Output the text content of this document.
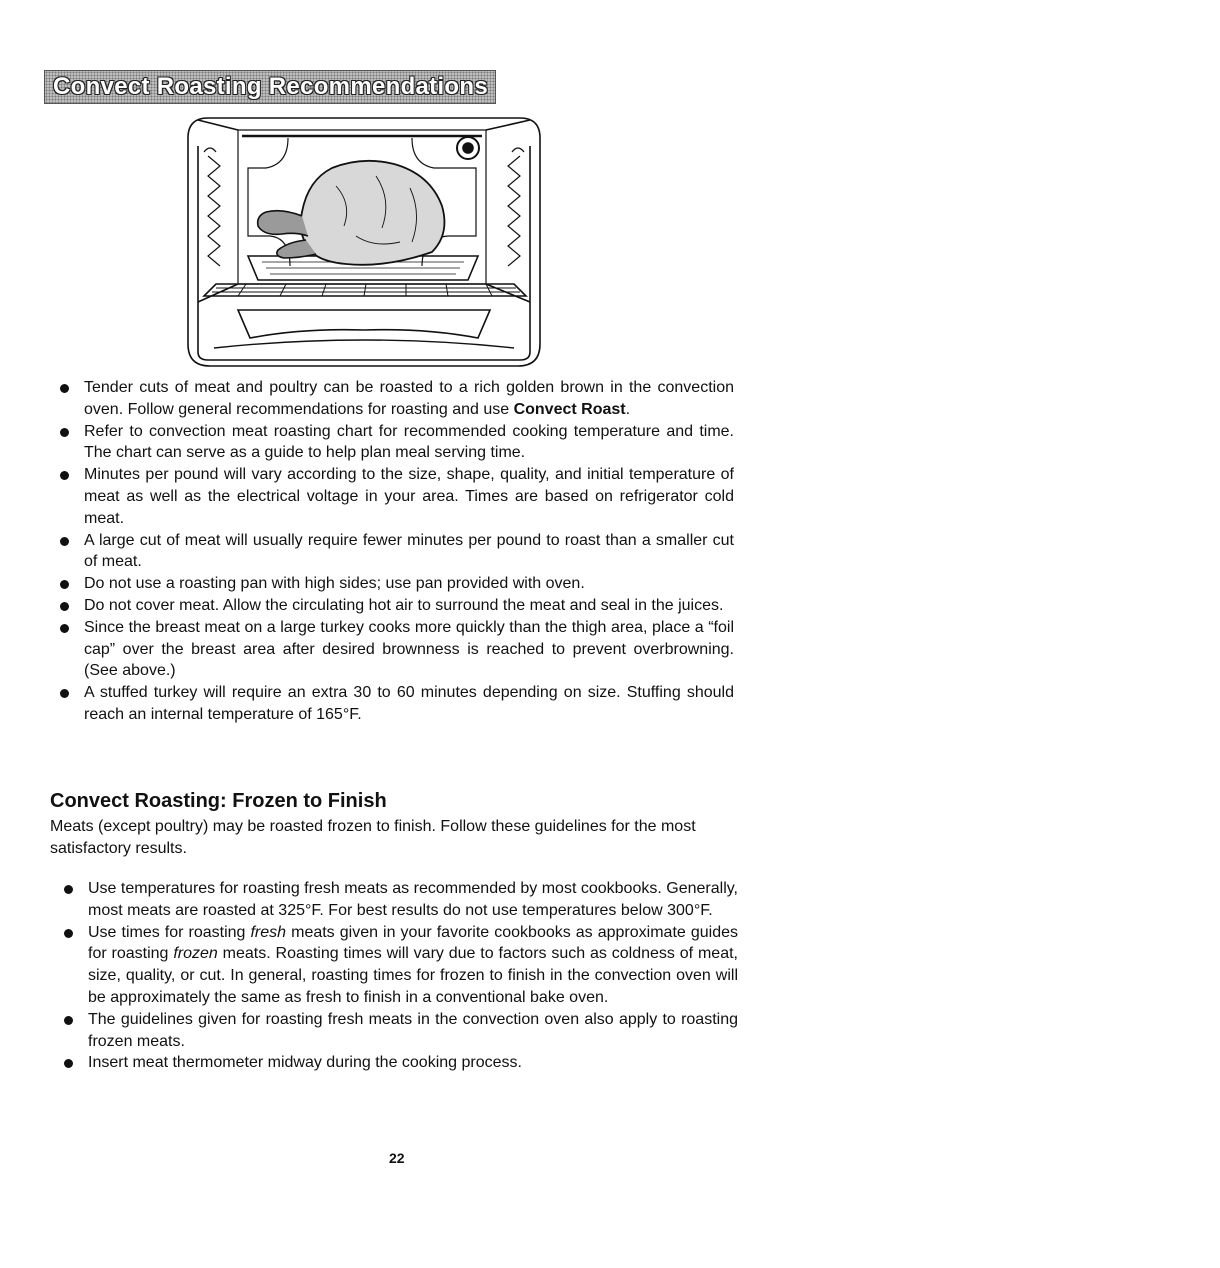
Convect Roasting Recommendations
Tender cuts of meat and poultry can be roasted to a rich golden brown in the convection oven. Follow general recommendations for roasting and use Convect Roast.
Refer to convection meat roasting chart for recommended cooking temperature and time. The chart can serve as a guide to help plan meal serving time.
Minutes per pound will vary according to the size, shape, quality, and initial temperature of meat as well as the electrical voltage in your area. Times are based on refrigerator cold meat.
A large cut of meat will usually require fewer minutes per pound to roast than a smaller cut of meat.
Do not use a roasting pan with high sides; use pan provided with oven.
Do not cover meat. Allow the circulating hot air to surround the meat and seal in the juices.
Since the breast meat on a large turkey cooks more quickly than the thigh area, place a “foil cap” over the breast area after desired brownness is reached to prevent overbrowning. (See above.)
A stuffed turkey will require an extra 30 to 60 minutes depending on size. Stuffing should reach an internal temperature of 165°F.
Convect Roasting: Frozen to Finish

Meats (except poultry) may be roasted frozen to finish. Follow these guidelines for the most satisfactory results.

Use temperatures for roasting fresh meats as recommended by most cookbooks. Generally, most meats are roasted at 325°F. For best results do not use temperatures below 300°F.
Use times for roasting fresh meats given in your favorite cookbooks as approximate guides for roasting frozen meats. Roasting times will vary due to factors such as coldness of meat, size, quality, or cut. In general, roasting times for frozen to finish in the convection oven will be approximately the same as fresh to finish in a conventional bake oven.
The guidelines given for roasting fresh meats in the convection oven also apply to roasting frozen meats.
Insert meat thermometer midway during the cooking process.
22
